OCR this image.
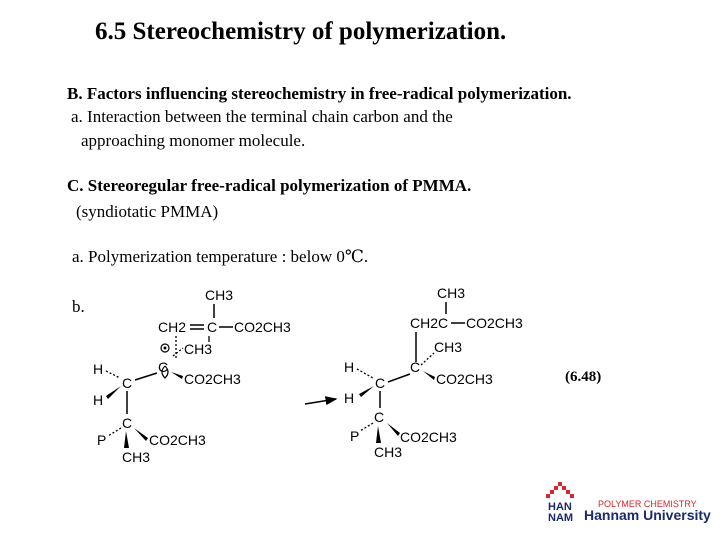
6.5 Stereochemistry of polymerization.
B. Factors influencing stereochemistry in free-radical polymerization.
a. Interaction between the terminal chain carbon and the
approaching monomer molecule.
C. Stereoregular free-radical polymerization of PMMA.
(syndiotatic PMMA)
a. Polymerization temperature : below 0℃.
b.
(6.48)
CH3
CH2 C CO2CH3
CH3
C
CO2CH3
H
C
H
C
P	CO2CH3
CH3
CH3
CH2 C CO2CH3
CH3
C
CO2CH3
H
C
H
C
P	CO2CH3
CH3
HAN
NAM
POLYMER CHEMISTRY
Hannam University
